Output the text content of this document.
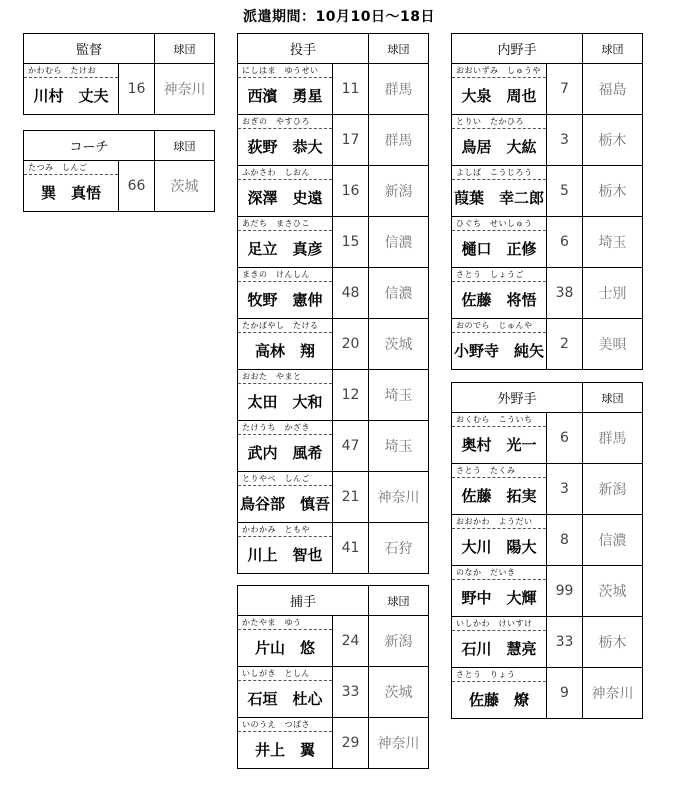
派遣期間：10月10日～18日
監督		球団

かわむら　たけお
川村　丈夫	16	神奈川
コーチ		球団

たつみ　しんご
巽　真悟	66	茨城
投手		球団

にしはま　ゆうせい
西濱　勇星	11	群馬

おぎの　やすひろ
荻野　恭大	17	群馬

ふかさわ　しおん
深澤　史遠	16	新潟

あだち　まさひこ
足立　真彦	15	信濃

まきの　けんしん
牧野　憲伸	48	信濃

たかばやし　たける
高林　翔	20	茨城

おおた　やまと
太田　大和	12	埼玉

たけうち　かざき
武内　風希	47	埼玉

とりやべ　しんご
鳥谷部　慎吾	21	神奈川

かわかみ　ともや
川上　智也	41	石狩
捕手		球団

かたやま　ゆう
片山　悠	24	新潟

いしがき　としん
石垣　杜心	33	茨城

いのうえ　つばさ
井上　翼	29	神奈川
内野手		球団

おおいずみ　しゅうや
大泉　周也	7	福島

とりい　たかひろ
鳥居　大紘	3	栃木

よしば　こうじろう
葭葉　幸二郎	5	栃木

ひぐち　せいしゅう
樋口　正修	6	埼玉

さとう　しょうご
佐藤　将悟	38	士別

おのでら　じゅんや
小野寺　純矢	2	美唄
外野手		球団

おくむら　こういち
奥村　光一	6	群馬

さとう　たくみ
佐藤　拓実	3	新潟

おおかわ　ようだい
大川　陽大	8	信濃

のなか　だいき
野中　大輝	99	茨城

いしかわ　けいすけ
石川　慧亮	33	栃木

さとう　りょう
佐藤　燎	9	神奈川
